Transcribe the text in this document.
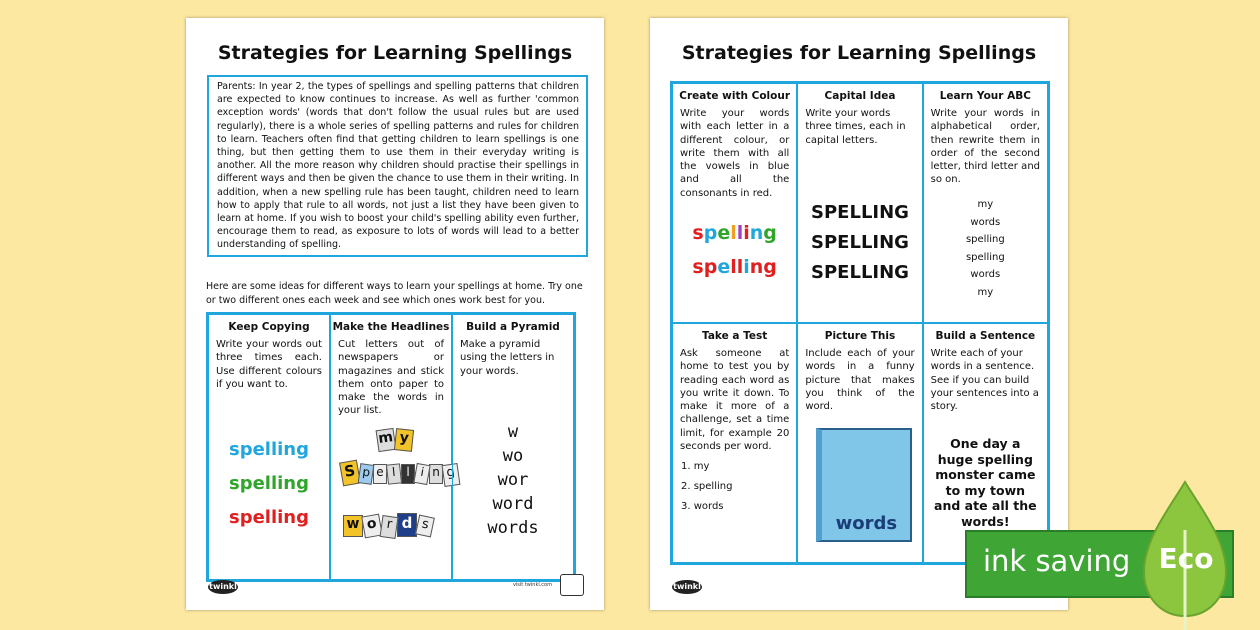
Strategies for Learning Spellings
Parents: In year 2, the types of spellings and spelling patterns that children are expected to know continues to increase. As well as further 'common exception words' (words that don't follow the usual rules but are used regularly), there is a whole series of spelling patterns and rules for children to learn. Teachers often find that getting children to learn spellings is one thing, but then getting them to use them in their everyday writing is another. All the more reason why children should practise their spellings in different ways and then be given the chance to use them in their writing. In addition, when a new spelling rule has been taught, children need to learn how to apply that rule to all words, not just a list they have been given to learn at home. If you wish to boost your child's spelling ability even further, encourage them to read, as exposure to lots of words will lead to a better understanding of spelling.
Here are some ideas for different ways to learn your spellings at home. Try one or two different ones each week and see which ones work best for you.
Keep Copying
Write your words out three times each. Use different colours if you want to.
spelling
spelling
spelling
Make the Headlines
Cut letters out of newspapers or magazines and stick them onto paper to make the words in your list.
m y
S p e l l i n g
w o r d s
Build a Pyramid
Make a pyramid using the letters in your words.
w
wo
wor
word
words
twinkl	visit twinkl.com
Strategies for Learning Spellings
Create with Colour
Write your words with each letter in a different colour, or write them with all the vowels in blue and all the consonants in red.
spelling
spelling
Capital Idea
Write your words three times, each in capital letters.
SPELLING
SPELLING
SPELLING
Learn Your ABC
Write your words in alphabetical order, then rewrite them in order of the second letter, third letter and so on.
my
words
spelling
spelling
words
my
Take a Test
Ask someone at home to test you by reading each word as you write it down. To make it more of a challenge, set a time limit, for example 20 seconds per word.
1. my
2. spelling
3. words
Picture This
Include each of your words in a funny picture that makes you think of the word.
words
Build a Sentence
Write each of your words in a sentence. See if you can build your sentences into a story.
One day a huge spelling monster came to my town and ate all the words!
twinkl
ink saving Eco
